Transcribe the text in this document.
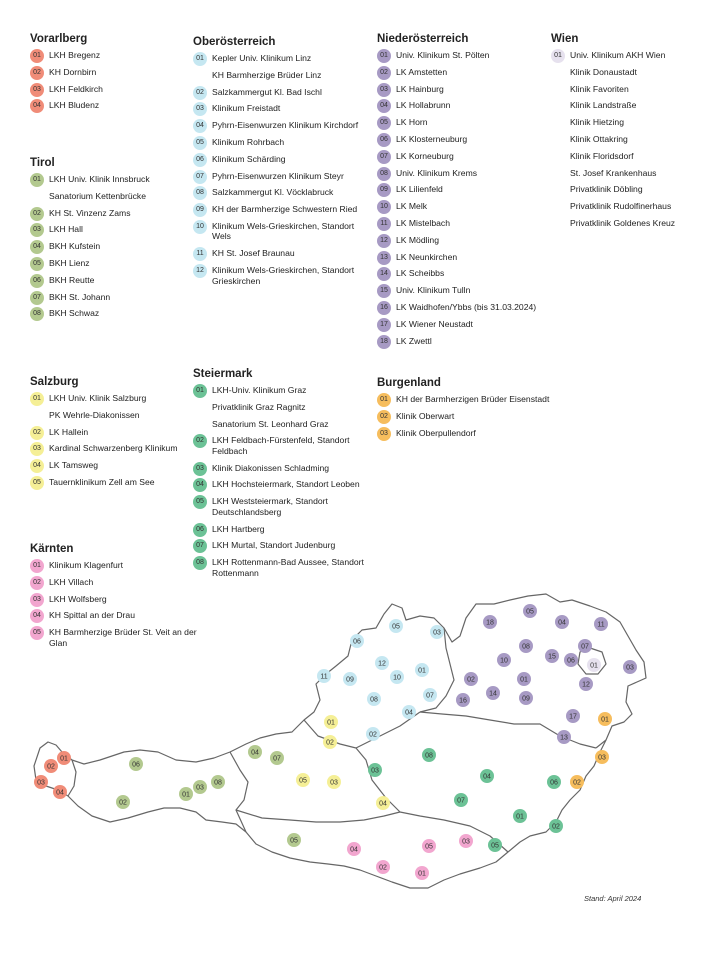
Vorarlberg
01 LKH Bregenz
02 KH Dornbirn
03 LKH Feldkirch
04 LKH Bludenz
Tirol
01 LKH Univ. Klinik Innsbruck
Sanatorium Kettenbrücke
02 KH St. Vinzenz Zams
03 LKH Hall
04 BKH Kufstein
05 BKH Lienz
06 BKH Reutte
07 BKH St. Johann
08 BKH Schwaz
Salzburg
01 LKH Univ. Klinik Salzburg
PK Wehrle-Diakonissen
02 LK Hallein
03 Kardinal Schwarzenberg Klinikum
04 LK Tamsweg
05 Tauernklinikum Zell am See
Kärnten
01 Klinikum Klagenfurt
02 LKH Villach
03 LKH Wolfsberg
04 KH Spittal an der Drau
05 KH Barmherzige Brüder St. Veit an der Glan
Oberösterreich
01 Kepler Univ. Klinikum Linz
KH Barmherzige Brüder Linz
02 Salzkammergut Kl. Bad Ischl
03 Klinikum Freistadt
04 Pyhrn-Eisenwurzen Klinikum Kirchdorf
05 Klinikum Rohrbach
06 Klinikum Schärding
07 Pyhrn-Eisenwurzen Klinikum Steyr
08 Salzkammergut Kl. Vöcklabruck
09 KH der Barmherzige Schwestern Ried
10 Klinikum Wels-Grieskirchen, Standort Wels
11 KH St. Josef Braunau
12 Klinikum Wels-Grieskirchen, Standort Grieskirchen
Steiermark
01 LKH-Univ. Klinikum Graz
Privatklinik Graz Ragnitz
Sanatorium St. Leonhard Graz
02 LKH Feldbach-Fürstenfeld, Standort Feldbach
03 Klinik Diakonissen Schladming
04 LKH Hochsteiermark, Standort Leoben
05 LKH Weststeiermark, Standort Deutschlandsberg
06 LKH Hartberg
07 LKH Murtal, Standort Judenburg
08 LKH Rottenmann-Bad Aussee, Standort Rottenmann
Niederösterreich
01 Univ. Klinikum St. Pölten
02 LK Amstetten
03 LK Hainburg
04 LK Hollabrunn
05 LK Horn
06 LK Klosterneuburg
07 LK Korneuburg
08 Univ. Klinikum Krems
09 LK Lilienfeld
10 LK Melk
11 LK Mistelbach
12 LK Mödling
13 LK Neunkirchen
14 LK Scheibbs
15 Univ. Klinikum Tulln
16 LK Waidhofen/Ybbs (bis 31.03.2024)
17 LK Wiener Neustadt
18 LK Zwettl
Burgenland
01 KH der Barmherzigen Brüder Eisenstadt
02 Klinik Oberwart
03 Klinik Oberpullendorf
Wien
01 Univ. Klinikum AKH Wien
Klinik Donaustadt
Klinik Favoriten
Klinik Landstraße
Klinik Hietzing
Klinik Ottakring
Klinik Floridsdorf
St. Josef Krankenhaus
Privatklinik Döbling
Privatklinik Rudolfinerhaus
Privatklinik Goldenes Kreuz
01
02
03
04
06
02
01
03
08
04
07
05
01
02
05	03
04
04
02
05
03
01
06
05
03
12
01
11	09	10
08
07
04
02
03
08
04
07
06
01
02
05
18
05
04	11
08	07
15
06
10
12
03
02	01
16
14
09
17
13
01
01
03
02
Stand: April 2024
